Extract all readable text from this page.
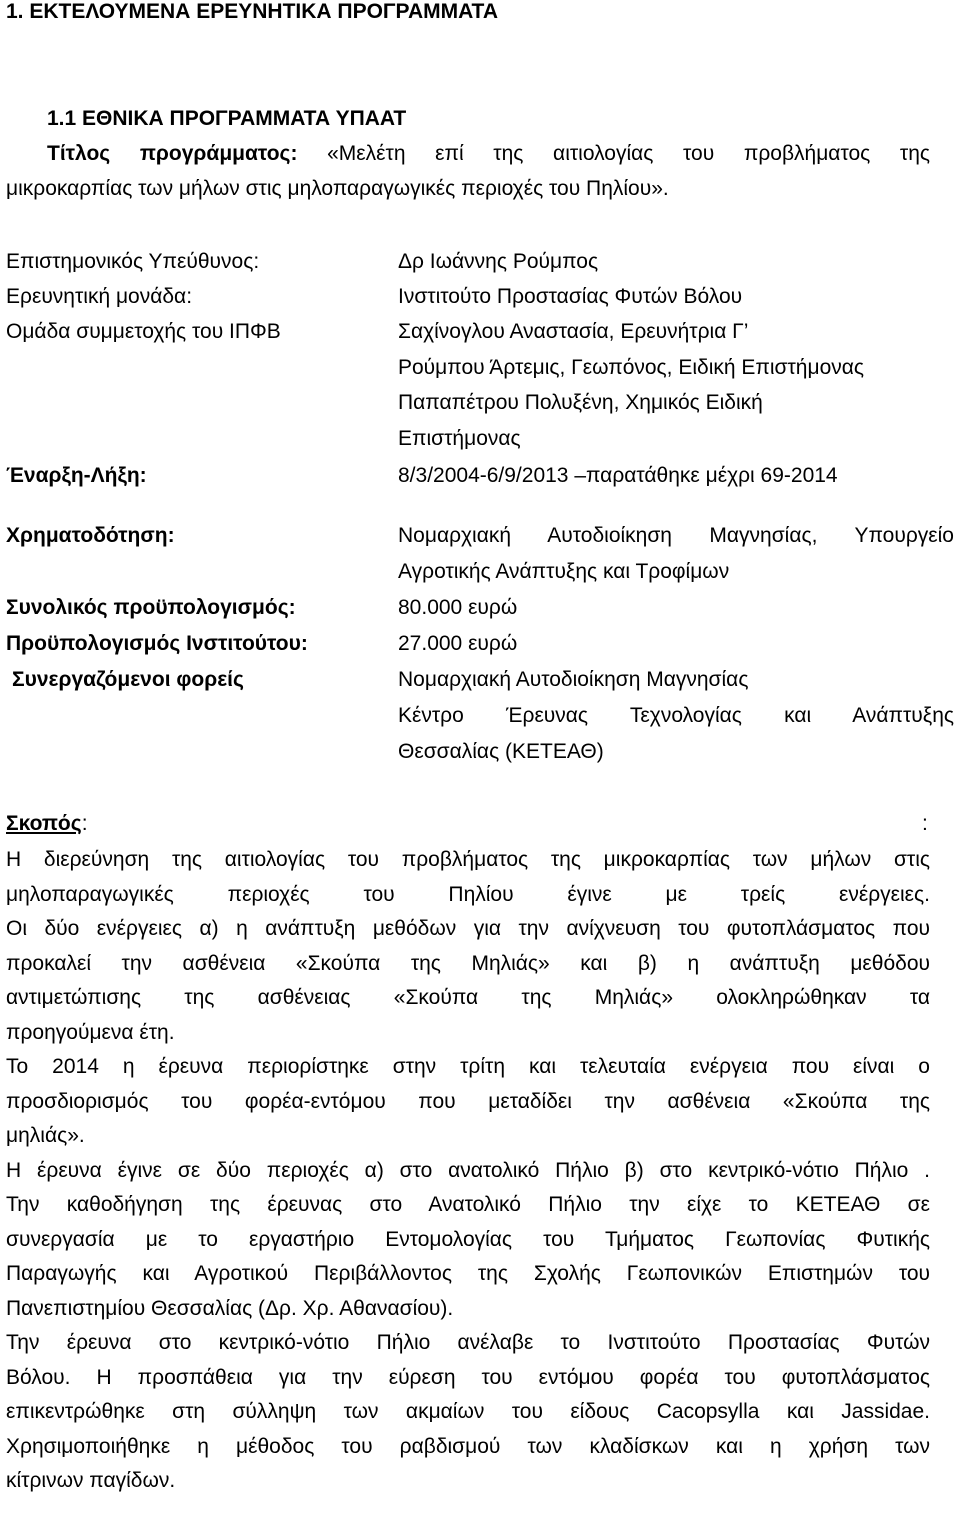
1. ΕΚΤΕΛΟΥΜΕΝΑ ΕΡΕΥΝΗΤΙΚΑ ΠΡΟΓΡΑΜΜΑΤΑ
1.1 ΕΘΝΙΚΑ ΠΡΟΓΡΑΜΜΑΤΑ ΥΠΑΑΤ
Τίτλος προγράμματος: «Μελέτη επί της αιτιολογίας του προβλήματος της
μικροκαρπίας των μήλων στις μηλοπαραγωγικές περιοχές του Πηλίου».
Επιστημονικός Υπεύθυνος:	Δρ Ιωάννης Ρούμπος
Ερευνητική μονάδα:	Ινστιτούτο Προστασίας Φυτών Βόλου
Ομάδα συμμετοχής του ΙΠΦΒ	Σαχίνογλου Αναστασία, Ερευνήτρια Γ’
Ρούμπου Άρτεμις, Γεωπόνος, Ειδική Επιστήμονας
Παπαπέτρου Πολυξένη, Χημικός Ειδική
Επιστήμονας
Έναρξη-Λήξη:	8/3/2004-6/9/2013 –παρατάθηκε μέχρι 69-2014
Χρηματοδότηση:	Νομαρχιακή Αυτοδιοίκηση Μαγνησίας, Υπουργείο
Αγροτικής Ανάπτυξης και Τροφίμων
Συνολικός προϋπολογισμός:	80.000 ευρώ
Προϋπολογισμός Ινστιτούτου:	27.000 ευρώ
Συνεργαζόμενοι φορείς	Νομαρχιακή Αυτοδιοίκηση Μαγνησίας
Κέντρο Έρευνας Τεχνολογίας και Ανάπτυξης
Θεσσαλίας (ΚΕΤΕΑΘ)
Σκοπός:	:

Η διερεύνηση της αιτιολογίας του προβλήματος της μικροκαρπίας των μήλων στις

μηλοπαραγωγικές περιοχές του Πηλίου έγινε με τρείς ενέργειες.

Οι δύο ενέργειες α) η ανάπτυξη μεθόδων για την ανίχνευση του φυτοπλάσματος που

προκαλεί την ασθένεια «Σκούπα της Μηλιάς» και β) η ανάπτυξη μεθόδου

αντιμετώπισης της ασθένειας «Σκούπα της Μηλιάς» ολοκληρώθηκαν τα

προηγούμενα έτη.

Το 2014 η έρευνα περιορίστηκε στην τρίτη και τελευταία ενέργεια που είναι ο

προσδιορισμός του φορέα-εντόμου που μεταδίδει την ασθένεια «Σκούπα της

μηλιάς».

Η έρευνα έγινε σε δύο περιοχές α) στο ανατολικό Πήλιο β) στο κεντρικό-νότιο Πήλιο .

Την καθοδήγηση της έρευνας στο Ανατολικό Πήλιο την είχε το ΚΕΤΕΑΘ σε

συνεργασία με το εργαστήριο Εντομολογίας του Τμήματος Γεωπονίας Φυτικής

Παραγωγής και Αγροτικού Περιβάλλοντος της Σχολής Γεωπονικών Επιστημών του

Πανεπιστημίου Θεσσαλίας (Δρ. Χρ. Αθανασίου).

Την έρευνα στο κεντρικό-νότιο Πήλιο ανέλαβε το Ινστιτούτο Προστασίας Φυτών

Βόλου. Η προσπάθεια για την εύρεση του εντόμου φορέα του φυτοπλάσματος

επικεντρώθηκε στη σύλληψη των ακμαίων του είδους Cacopsylla και Jassidae.

Χρησιμοποιήθηκε η μέθοδος του ραβδισμού των κλαδίσκων και η χρήση των

κίτρινων παγίδων.
